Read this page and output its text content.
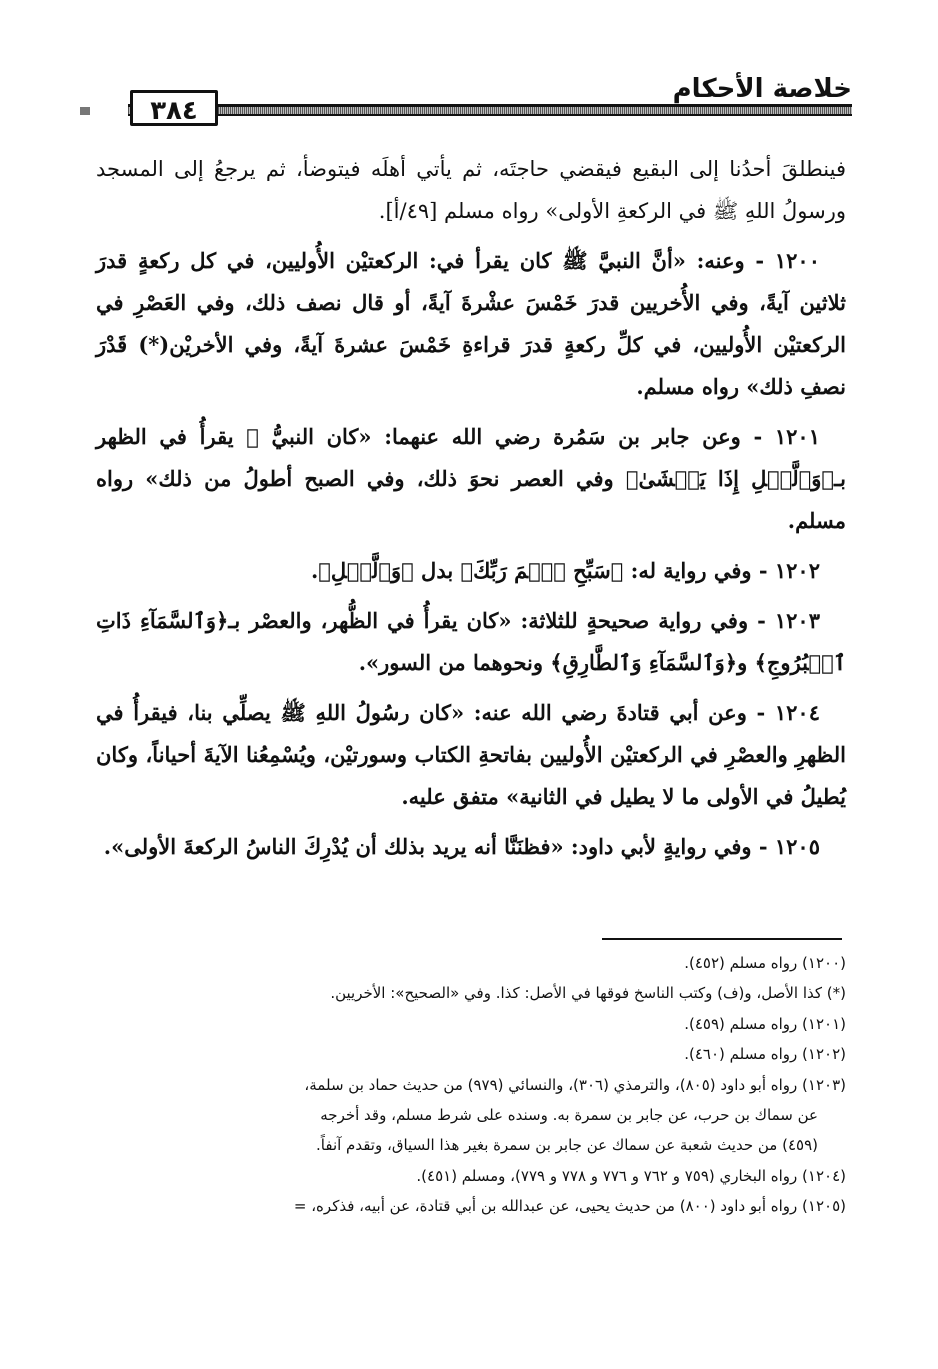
خلاصة الأحكام
٣٨٤

فينطلقَ أحدُنا إلى البقيع فيقضي حاجتَه، ثم يأتي أهلَه فيتوضأ، ثم يرجعُ إلى المسجد ورسولُ اللهِ ﷺ في الركعةِ الأولى» رواه مسلم [٤٩/أ].

١٢٠٠ - وعنه: «أنَّ النبيَّ ﷺ كان يقرأ في: الركعتيْن الأُوليين، في كل ركعةٍ قدرَ ثلاثين آيةً، وفي الأُخريين قدرَ خَمْسَ عشْرةَ آيةً، أو قال نصف ذلك، وفي العَصْرِ في الركعتيْن الأُوليين، في كلِّ ركعةٍ قدرَ قراءةِ خَمْسَ عشرةَ آيةً، وفي الأخريْن(*) قَدْرَ نصفِ ذلك» رواه مسلم.

١٢٠١ - وعن جابر بن سَمُرة رضي الله عنهما: «كان النبيُّ ﷺ يقرأُ في الظهر بـ﴿وَٱلَّيۡلِ إِذَا يَغۡشَىٰ﴾ وفي العصر نحوَ ذلك، وفي الصبح أطولُ من ذلك» رواه مسلم.

١٢٠٢ - وفي رواية له: ﴿سَبِّحِ ٱسۡمَ رَبِّكَ﴾ بدل ﴿وَٱلَّيۡلِ﴾.

١٢٠٣ - وفي رواية صحيحةٍ للثلاثة: «كان يقرأُ في الظُّهر، والعصْر بـ﴿وَٱلسَّمَآءِ ذَاتِ ٱلۡبُرُوجِ﴾ و﴿وَٱلسَّمَآءِ وَٱلطَّارِقِ﴾ ونحوهما من السور».

١٢٠٤ - وعن أبي قتادةَ رضي الله عنه: «كان رسُولُ اللهِ ﷺ يصلِّي بنا، فيقرأُ في الظهرِ والعصْرِ في الركعتيْن الأُوليين بفاتحةِ الكتاب وسورتيْن، ويُسْمِعُنا الآيةَ أحياناً، وكان يُطيلُ في الأولى ما لا يطيل في الثانية» متفق عليه.

١٢٠٥ - وفي روايةٍ لأبي داود: «فظنَنَّا أنه يريد بذلك أن يُدْرِكَ الناسُ الركعةَ الأولى».

(١٢٠٠) رواه مسلم (٤٥٢).

(*) كذا الأصل، و(ف) وكتب الناسخ فوقها في الأصل: كذا. وفي «الصحيح»: الأخريين.

(١٢٠١) رواه مسلم (٤٥٩).

(١٢٠٢) رواه مسلم (٤٦٠).

(١٢٠٣) رواه أبو داود (٨٠٥)، والترمذي (٣٠٦)، والنسائي (٩٧٩) من حديث حماد بن سلمة،

عن سماك بن حرب، عن جابر بن سمرة به. وسنده على شرط مسلم، وقد أخرجه

(٤٥٩) من حديث شعبة عن سماك عن جابر بن سمرة بغير هذا السياق، وتقدم آنفاً.

(١٢٠٤) رواه البخاري (٧٥٩ و ٧٦٢ و ٧٧٦ و ٧٧٨ و ٧٧٩)، ومسلم (٤٥١).

(١٢٠٥) رواه أبو داود (٨٠٠) من حديث يحيى، عن عبدالله بن أبي قتادة، عن أبيه، فذكره، =
